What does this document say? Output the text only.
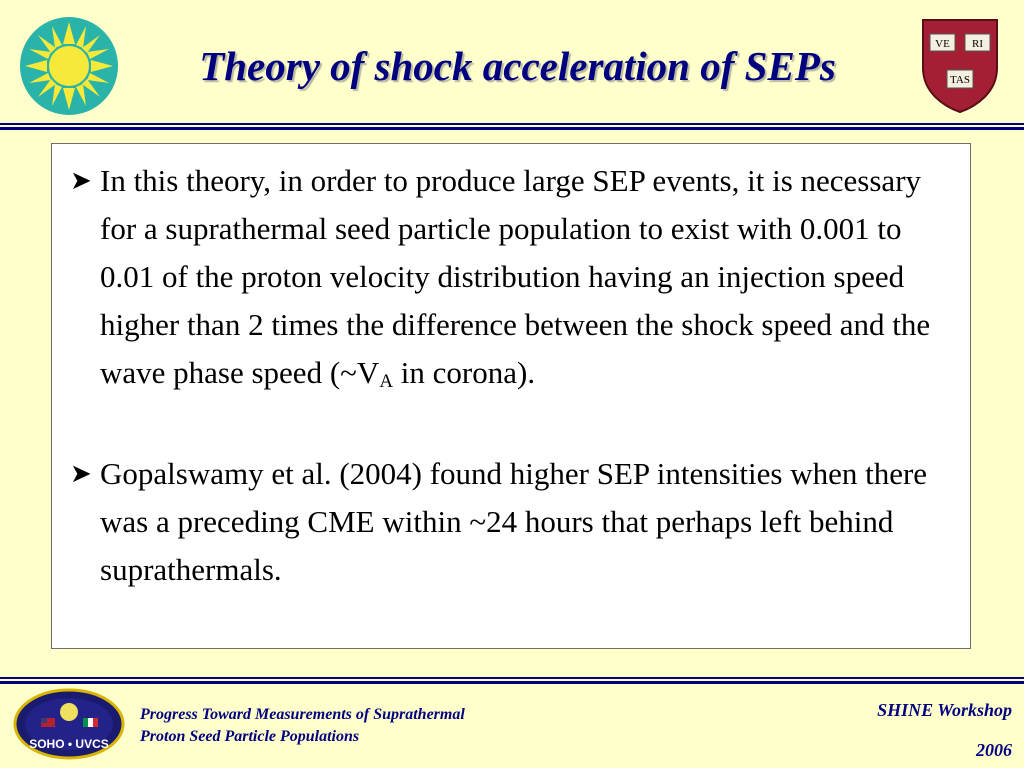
Theory of shock acceleration of SEPs	VE RI
TAS
➤ In this theory, in order to produce large SEP events, it is necessary for a suprathermal seed particle population to exist with 0.001 to 0.01 of the proton velocity distribution having an injection speed higher than 2 times the difference between the shock speed and the wave phase speed ($\sim V_A$ in corona).
➤ Gopalswamy et al. (2004) found higher SEP intensities when there was a preceding CME within ~24 hours that perhaps left behind suprathermals.
SOHO • UVCS
Progress Toward Measurements of Suprathermal
Proton Seed Particle Populations
SHINE Workshop
2006
